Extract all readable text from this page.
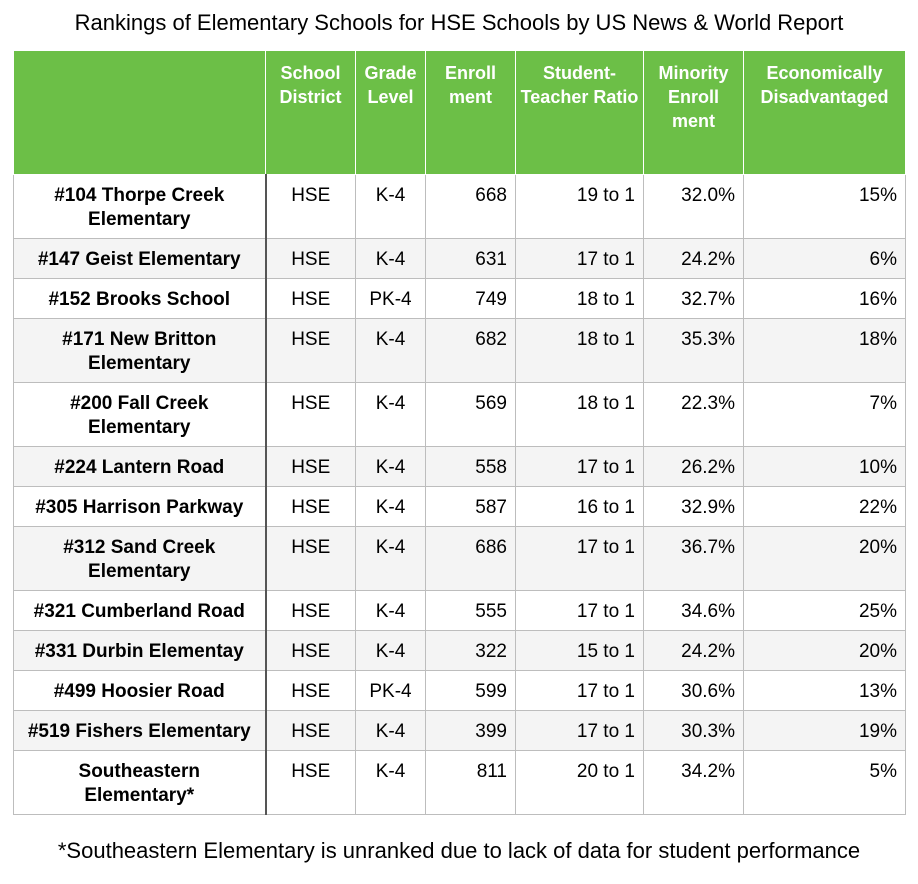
Rankings of Elementary Schools for HSE Schools by US News & World Report
	School District	Grade Level	Enroll ment	Student-Teacher Ratio	Minority Enroll ment	Economically Disadvantaged
#104 Thorpe Creek Elementary	HSE	K-4	668	19 to 1	32.0%	15%
#147 Geist Elementary	HSE	K-4	631	17 to 1	24.2%	6%
#152 Brooks School	HSE	PK-4	749	18 to 1	32.7%	16%
#171 New Britton Elementary	HSE	K-4	682	18 to 1	35.3%	18%
#200 Fall Creek Elementary	HSE	K-4	569	18 to 1	22.3%	7%
#224 Lantern Road	HSE	K-4	558	17 to 1	26.2%	10%
#305 Harrison Parkway	HSE	K-4	587	16 to 1	32.9%	22%
#312 Sand Creek Elementary	HSE	K-4	686	17 to 1	36.7%	20%
#321 Cumberland Road	HSE	K-4	555	17 to 1	34.6%	25%
#331 Durbin Elementay	HSE	K-4	322	15 to 1	24.2%	20%
#499 Hoosier Road	HSE	PK-4	599	17 to 1	30.6%	13%
#519 Fishers Elementary	HSE	K-4	399	17 to 1	30.3%	19%
Southeastern Elementary*	HSE	K-4	811	20 to 1	34.2%	5%
*Southeastern Elementary is unranked due to lack of data for student performance
